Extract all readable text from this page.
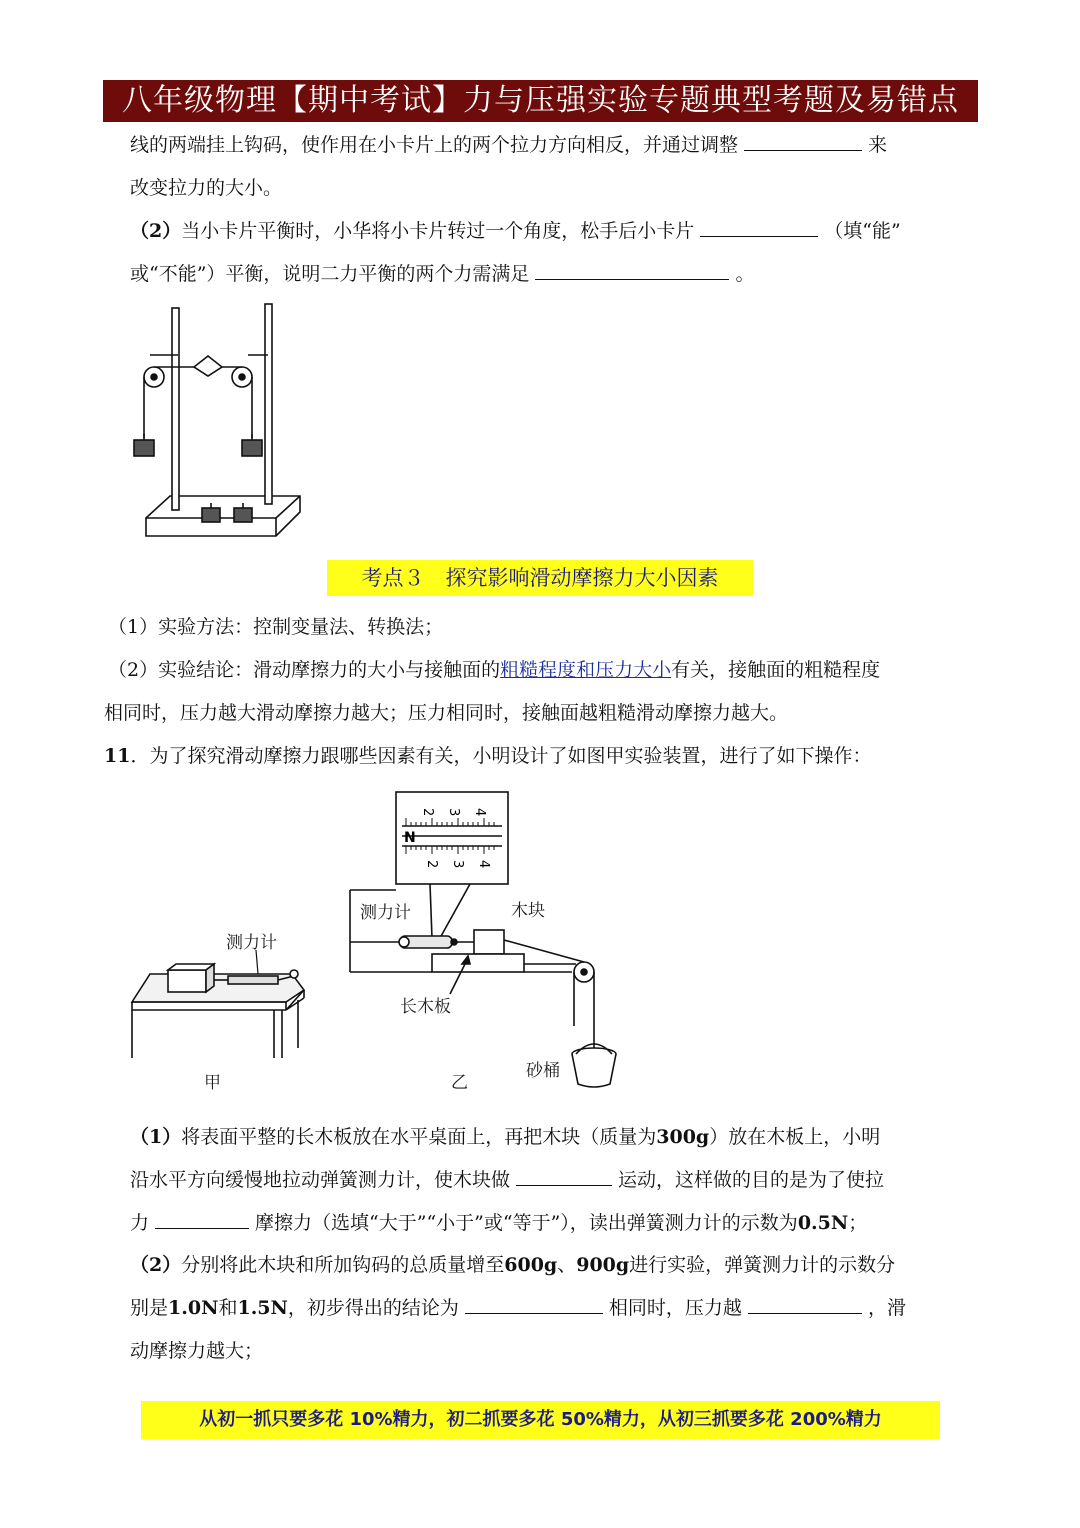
八年级物理【期中考试】力与压强实验专题典型考题及易错点
线的两端挂上钩码，使作用在小卡片上的两个拉力方向相反，并通过调整	来
改变拉力的大小。
（2）当小卡片平衡时，小华将小卡片转过一个角度，松手后小卡片	（填“能”
或“不能”）平衡，说明二力平衡的两个力需满足	。
考点３　探究影响滑动摩擦力大小因素
（1）实验方法：控制变量法、转换法；
（2）实验结论：滑动摩擦力的大小与接触面的粗糙程度和压力大小有关，接触面的粗糙程度
相同时，压力越大滑动摩擦力越大；压力相同时，接触面越粗糙滑动摩擦力越大。
11．为了探究滑动摩擦力跟哪些因素有关，小明设计了如图甲实验装置，进行了如下操作：
测力计
甲
2 3 4
2 3 4
N
测力计	木块
长木板
砂桶
乙
（1）将表面平整的长木板放在水平桌面上，再把木块（质量为300g）放在木板上，小明
沿水平方向缓慢地拉动弹簧测力计，使木块做	运动，这样做的目的是为了使拉
力	摩擦力（选填“大于”“小于”或“等于”），读出弹簧测力计的示数为0.5N；
（2）分别将此木块和所加钩码的总质量增至600g、900g进行实验，弹簧测力计的示数分
别是1.0N和1.5N，初步得出的结论为	相同时，压力越	，滑
动摩擦力越大；
从初一抓只要多花 10%精力，初二抓要多花 50%精力，从初三抓要多花 200%精力
